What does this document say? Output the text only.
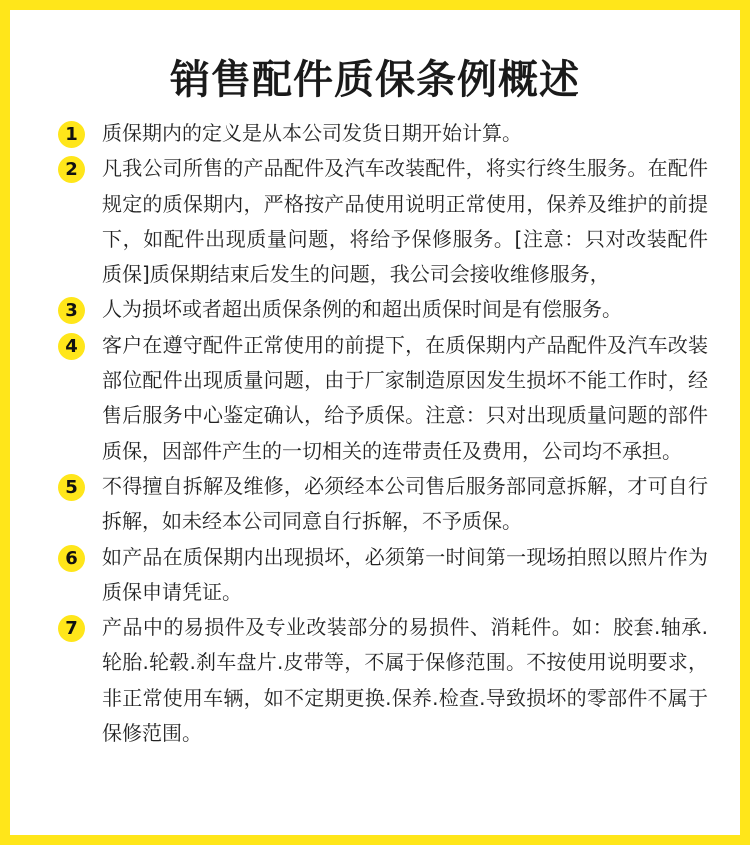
销售配件质保条例概述
1	质保期内的定义是从本公司发货日期开始计算。
2	凡我公司所售的产品配件及汽车改装配件，将实行终生服务。在配件规定的质保期内，严格按产品使用说明正常使用，保养及维护的前提下，如配件出现质量问题，将给予保修服务。[注意：只对改装配件质保]质保期结束后发生的问题，我公司会接收维修服务，
3	人为损坏或者超出质保条例的和超出质保时间是有偿服务。
4	客户在遵守配件正常使用的前提下，在质保期内产品配件及汽车改装部位配件出现质量问题，由于厂家制造原因发生损坏不能工作时，经售后服务中心鉴定确认，给予质保。注意：只对出现质量问题的部件质保，因部件产生的一切相关的连带责任及费用，公司均不承担。
5	不得擅自拆解及维修，必须经本公司售后服务部同意拆解，才可自行拆解，如未经本公司同意自行拆解，不予质保。
6	如产品在质保期内出现损坏，必须第一时间第一现场拍照以照片作为质保申请凭证。
7	产品中的易损件及专业改装部分的易损件、消耗件。如：胶套.轴承.轮胎.轮毂.刹车盘片.皮带等，不属于保修范围。不按使用说明要求，非正常使用车辆，如不定期更换.保养.检查.导致损坏的零部件不属于保修范围。
